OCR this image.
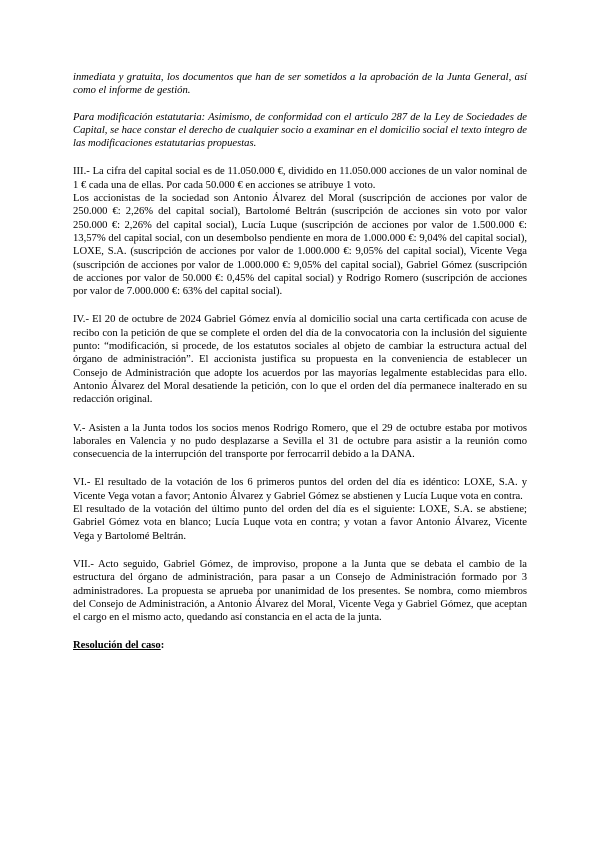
inmediata y gratuita, los documentos que han de ser sometidos a la aprobación de la Junta General, así como el informe de gestión.

Para modificación estatutaria: Asimismo, de conformidad con el artículo 287 de la Ley de Sociedades de Capital, se hace constar el derecho de cualquier socio a examinar en el domicilio social el texto íntegro de las modificaciones estatutarias propuestas.

III.- La cifra del capital social es de 11.050.000 €, dividido en 11.050.000 acciones de un valor nominal de 1 € cada una de ellas. Por cada 50.000 € en acciones se atribuye 1 voto.

Los accionistas de la sociedad son Antonio Álvarez del Moral (suscripción de acciones por valor de 250.000 €: 2,26% del capital social), Bartolomé Beltrán (suscripción de acciones sin voto por valor 250.000 €: 2,26% del capital social), Lucía Luque (suscripción de acciones por valor de 1.500.000 €: 13,57% del capital social, con un desembolso pendiente en mora de 1.000.000 €: 9,04% del capital social), LOXE, S.A. (suscripción de acciones por valor de 1.000.000 €: 9,05% del capital social), Vicente Vega (suscripción de acciones por valor de 1.000.000 €: 9,05% del capital social), Gabriel Gómez (suscripción de acciones por valor de 50.000 €: 0,45% del capital social) y Rodrigo Romero (suscripción de acciones por valor de 7.000.000 €: 63% del capital social).

IV.- El 20 de octubre de 2024 Gabriel Gómez envía al domicilio social una carta certificada con acuse de recibo con la petición de que se complete el orden del día de la convocatoria con la inclusión del siguiente punto: “modificación, si procede, de los estatutos sociales al objeto de cambiar la estructura actual del órgano de administración”. El accionista justifica su propuesta en la conveniencia de establecer un Consejo de Administración que adopte los acuerdos por las mayorías legalmente establecidas para ello. Antonio Álvarez del Moral desatiende la petición, con lo que el orden del día permanece inalterado en su redacción original.

V.- Asisten a la Junta todos los socios menos Rodrigo Romero, que el 29 de octubre estaba por motivos laborales en Valencia y no pudo desplazarse a Sevilla el 31 de octubre para asistir a la reunión como consecuencia de la interrupción del transporte por ferrocarril debido a la DANA.

VI.- El resultado de la votación de los 6 primeros puntos del orden del día es idéntico: LOXE, S.A. y Vicente Vega votan a favor; Antonio Álvarez y Gabriel Gómez se abstienen y Lucía Luque vota en contra.

El resultado de la votación del último punto del orden del día es el siguiente: LOXE, S.A. se abstiene; Gabriel Gómez vota en blanco; Lucía Luque vota en contra; y votan a favor Antonio Álvarez, Vicente Vega y Bartolomé Beltrán.

VII.- Acto seguido, Gabriel Gómez, de improviso, propone a la Junta que se debata el cambio de la estructura del órgano de administración, para pasar a un Consejo de Administración formado por 3 administradores. La propuesta se aprueba por unanimidad de los presentes. Se nombra, como miembros del Consejo de Administración, a Antonio Álvarez del Moral, Vicente Vega y Gabriel Gómez, que aceptan el cargo en el mismo acto, quedando así constancia en el acta de la junta.

Resolución del caso:
